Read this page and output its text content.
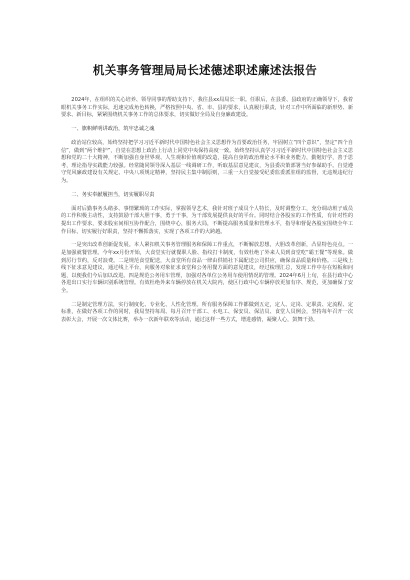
机关事务管理局局长述德述职述廉述法报告

2024年，在组织的关心培养、领导同事的帮助支持下，我往县xx局局长一职。任职后，在县委、县政府的正确领导下，我着眼机关事务工作实际，迅速完成角色转换，严格按照中央、省、市、县的要求，认真履行职责，针对工作中所面临的新形势、新要求、新目标，紧紧围绕机关事务工作的总体要求，切实做好全局及自身廉政建设。

一、旗帜鲜明讲政治，筑牢忠诚之魂

政治站位较高，始终坚持把学习习近平新时代中国特色社会主义思想作为首要政治任务，牢固树立“四个意识”，坚定“四个自信”，做到“两个维护”，自觉在思想上政治上行动上同党中央保持高度一致。始终坚持认真学习习近平新时代中国特色社会主义思想和党的二十大精神，不断加强自身世界观、人生观和价值观的改造，提高自身的政治理论水平和业务能力，勤勉好学，善于思考，理论指导实践能力较强。经常随同领导深入基层一线调研工作，听取基层意见建议，为县委决策部署当好参谋助手。自觉遵守党风廉政建设有关规定、中央八项规定精神，坚持民主集中制原则，三重一大自觉接受纪委监委派驻组的监督，无违规违纪行为。

二、务实奉献履担当，切实履职尽责

面对后勤事务头绪多、事情繁琐的工作实际，掌握领导艺术，我针对班子成员个人特长，及时调整分工，充分调动班子成员的工作积极主动性，支持鼓励干部大胆干事，勇于干事，为干部发展提供良好的平台。同时结合各股室的工作性质，有针对性的提出工作要求，要求股室间相互协作配合，围绕中心，服务大局，不断提高服务质量和管理水平，指导和督促各股室围绕全年工作目标，切实履行好职责，坚持不懈抓落实，实现了各项工作的大跨越。

一是突出改革创新促发展。本人紧扣机关事务管理服务和保障工作重点，不断解放思想，大胆改革创新，凸显特色亮点。一是加强就餐管理。今年xx月份开始，大食堂实行就餐职人脸、指纹打卡制度，有效杜绝了外来人员到食堂吃“霸王餐”等现象。做到厉行节约，反对浪费。二是规范食堂配送，大食堂所有食品一律由供销社下属配送公司供应，确保食品质量和价格。三是线上线下征求意见建议，通过线上平台，向服务对象征求食堂和公务用餐方面的意见建议，经过梳理汇总，发现工作中存在短板和问题，以便我们今后加以改进。四是规范公务用车管理，加强对各单位公务用车使用情况的管理。2024年6月上旬，在县行政中心各进出口实行车辆识别系统管理。有效杜绝外来车辆停放在机关大院内，使区行政中心车辆停放更加有序、规范，更加确保了安全。

二是制定管理方法，实行制度化、专业化、人性化管理。所有服务保障工作都做到五定，定人、定岗、定职责、定流程、定标准，在做好各项工作的同时，我局坚持每周、每月召开干部工、水电工、保安员、保洁员、食堂人员例会，坚持每年召开一次表彰大会，开展一次文体比赛，举办一次新年联欢等活动，通过这样一些方式，增进感情，凝聚人心，鼓舞干劲。
